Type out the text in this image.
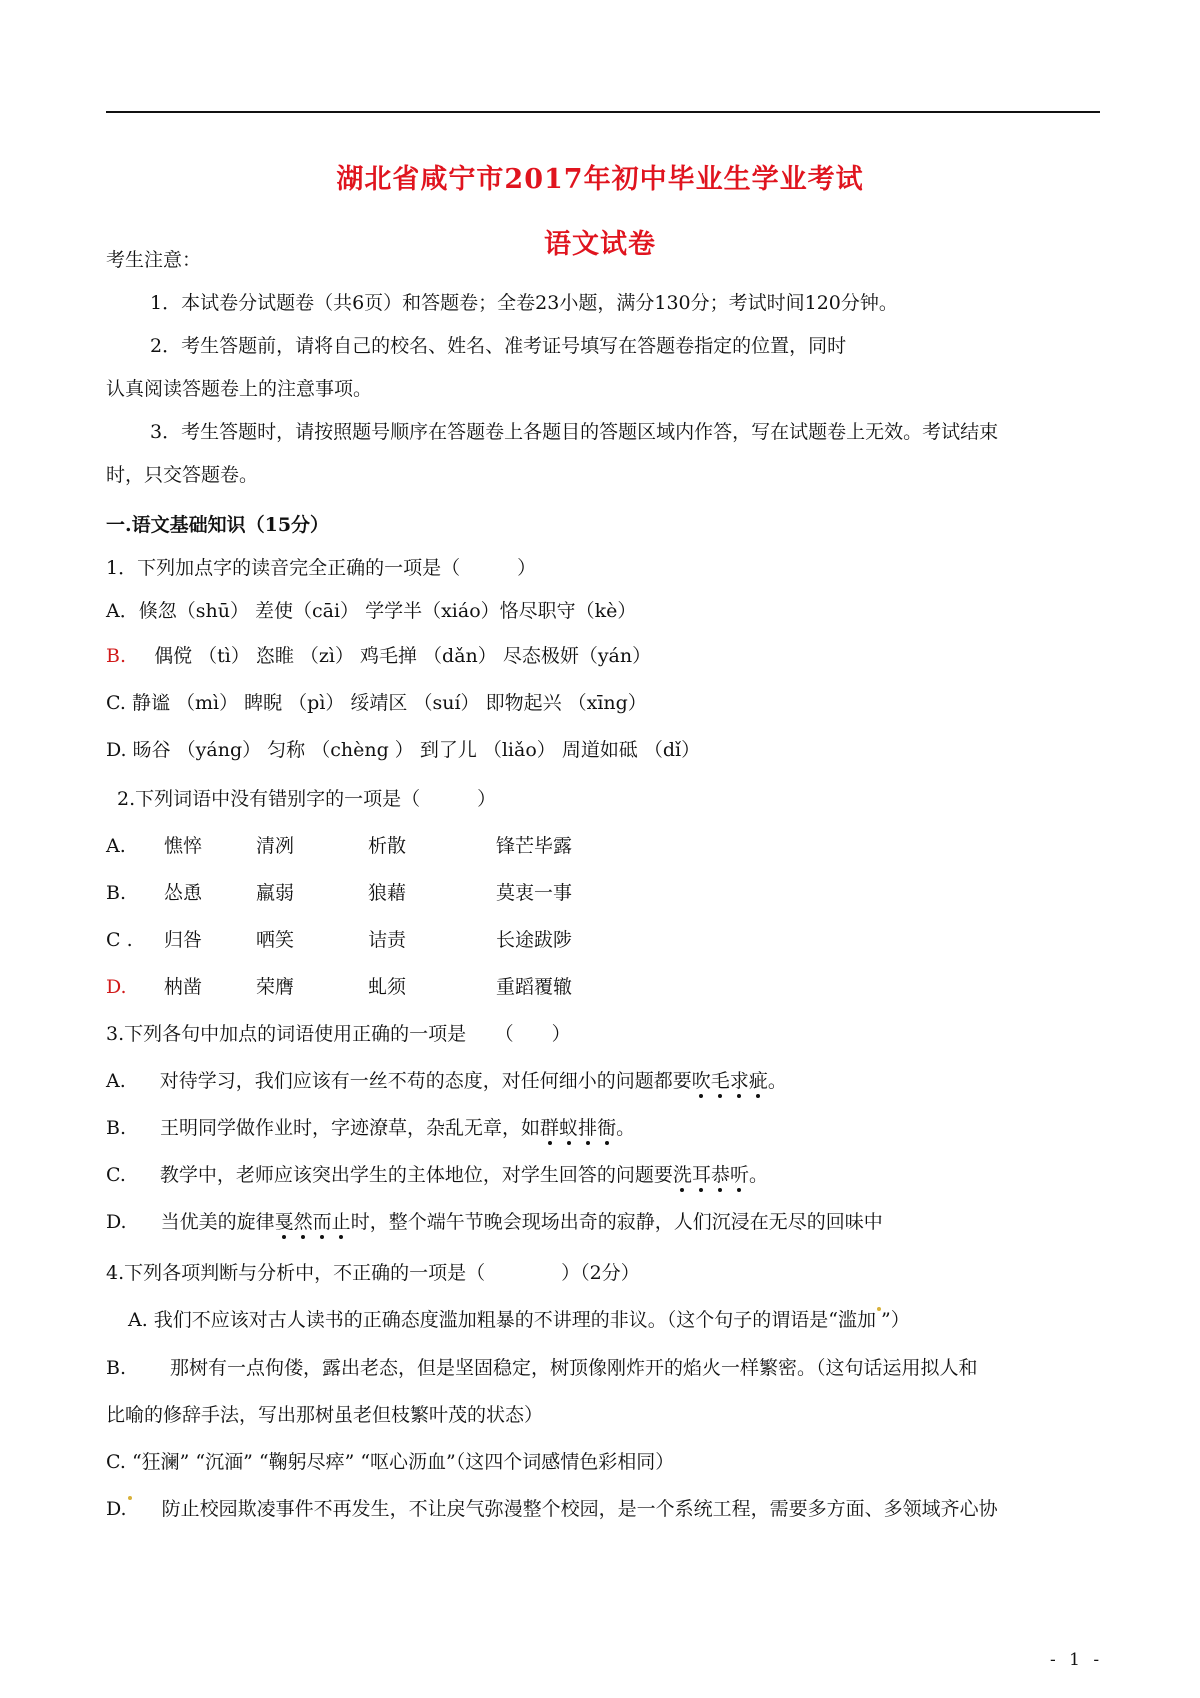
湖北省咸宁市2017年初中毕业生学业考试
语文试卷
考生注意：
1．本试卷分试题卷（共6页）和答题卷；全卷23小题，满分130分；考试时间120分钟。
2．考生答题前，请将自己的校名、姓名、准考证号填写在答题卷指定的位置，同时
认真阅读答题卷上的注意事项。
3．考生答题时，请按照题号顺序在答题卷上各题目的答题区域内作答，写在试题卷上无效。考试结束
时，只交答题卷。
一.语文基础知识（15分）
1．下列加点字的读音完全正确的一项是（　　　）
A．倏忽（shū） 差使（cāi） 学学半（xiáo）恪尽职守（kè）
B. 偶傥 （tì） 恣睢 （zì） 鸡毛掸 （dǎn） 尽态极妍（yán）
C. 静谧 （mì） 睥睨 （pì） 绥靖区 （suí） 即物起兴 （xīng）
D. 旸谷 （yáng） 匀称 （chèng ） 到了儿 （liǎo） 周道如砥 （dǐ）
2.下列词语中没有错别字的一项是（　　　）
A. 憔悴	清冽	析散	锋芒毕露
B. 怂恿	羸弱	狼藉	莫衷一事
C . 归咎	哂笑	诘责	长途跋陟
D. 枘凿	荣膺	虬须	重蹈覆辙
3.下列各句中加点的词语使用正确的一项是　　（　　）
A. 对待学习，我们应该有一丝不苟的态度，对任何细小的问题都要吹毛求疵。
B. 王明同学做作业时，字迹潦草，杂乱无章，如群蚁排衙。
C. 教学中，老师应该突出学生的主体地位，对学生回答的问题要洗耳恭听。
D. 当优美的旋律戛然而止时，整个端午节晚会现场出奇的寂静，人们沉浸在无尽的回味中
4.下列各项判断与分析中，不正确的一项是（　　　　）（2分）
A. 我们不应该对古人读书的正确态度滥加粗暴的不讲理的非议。（这个句子的谓语是“滥加 ”）
B. 那树有一点佝偻，露出老态，但是坚固稳定，树顶像刚炸开的焰火一样繁密。（这句话运用拟人和
比喻的修辞手法，写出那树虽老但枝繁叶茂的状态）
C. “狂澜” “沉湎” “鞠躬尽瘁” “呕心沥血”（这四个词感情色彩相同）
D. 防止校园欺凌事件不再发生，不让戾气弥漫整个校园，是一个系统工程，需要多方面、多领域齐心协
- 1 -
